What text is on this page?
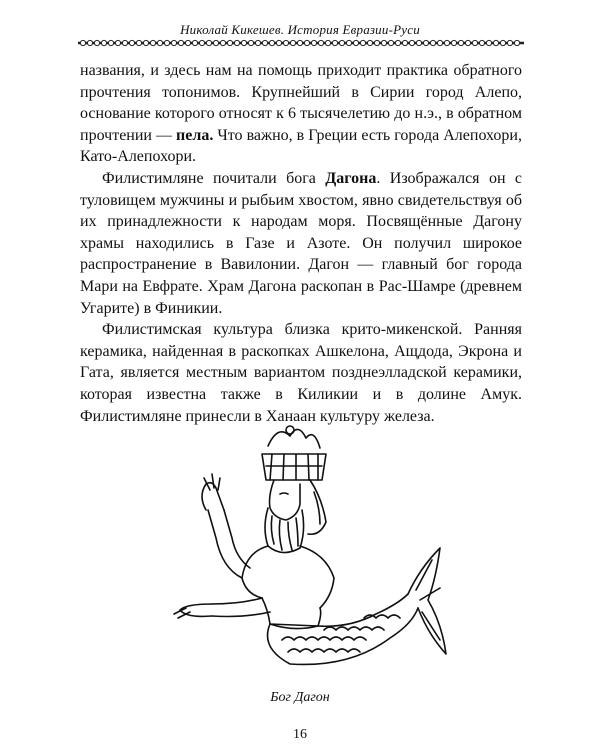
Николай Кикешев. История Евразии-Руси

названия, и здесь нам на помощь приходит практика обратного прочтения топонимов. Крупнейший в Сирии город Алепо, основание которого относят к 6 тысячелетию до н.э., в обратном прочтении — пела. Что важно, в Греции есть города Алепохори, Като-Алепохори.

Филистимляне почитали бога Дагона. Изображался он с туловищем мужчины и рыбьим хвостом, явно свидетельствуя об их принадлежности к народам моря. Посвящённые Дагону храмы находились в Газе и Азоте. Он получил широкое распространение в Вавилонии. Дагон — главный бог города Мари на Евфрате. Храм Дагона раскопан в Рас-Шамре (древнем Угарите) в Финикии.

Филистимская культура близка крито-микенской. Ранняя керамика, найденная в раскопках Ашкелона, Ащдода, Экрона и Гата, является местным вариантом позднеэлладской керамики, которая известна также в Киликии и в долине Амук. Филистимляне принесли в Ханаан культуру железа.

Бог Дагон
16
